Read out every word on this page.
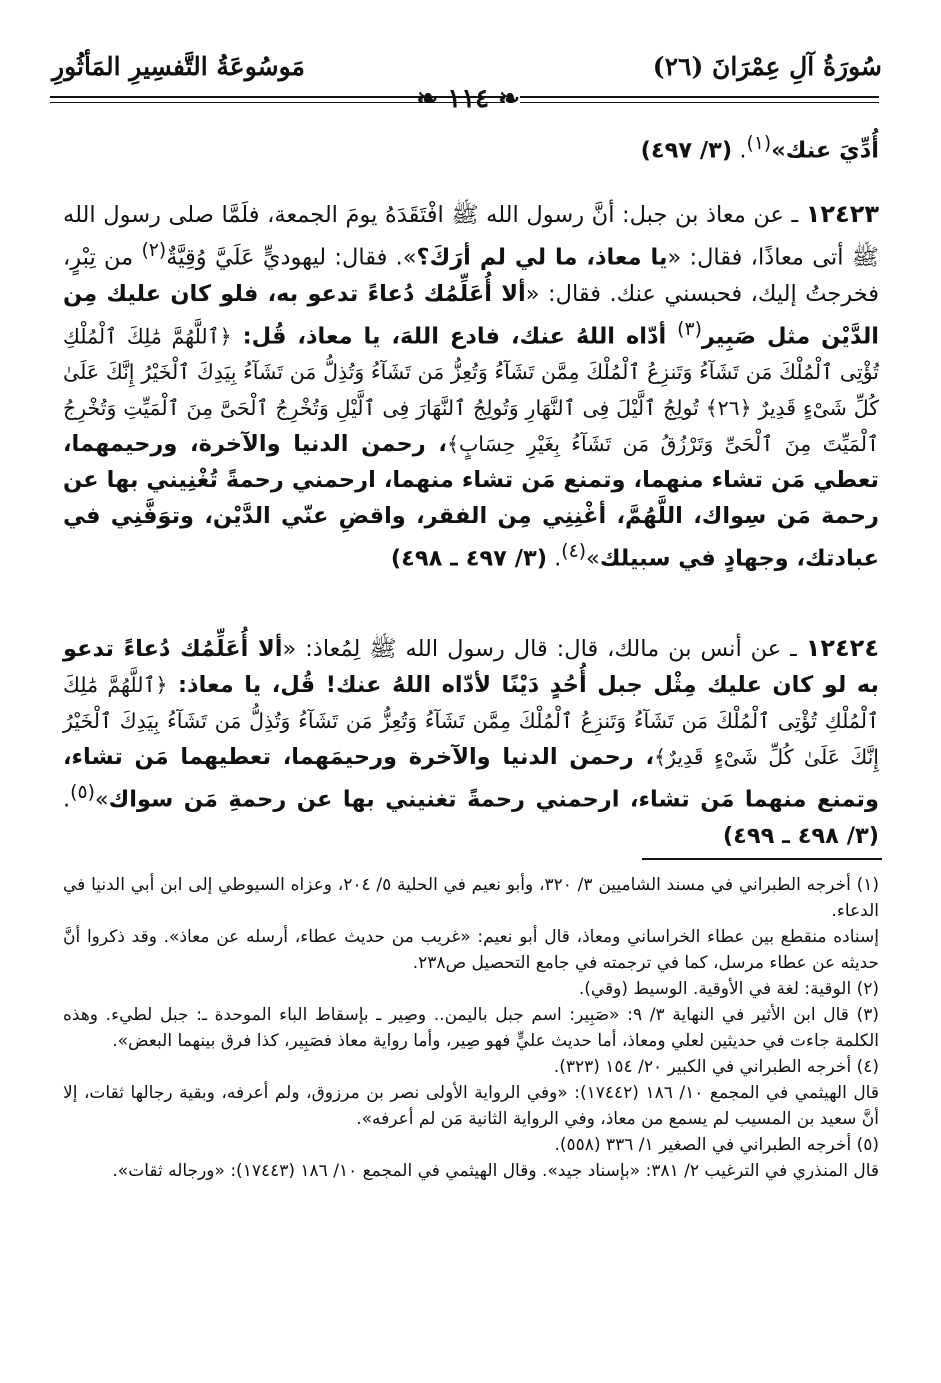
سُورَةُ آلِ عِمْرَانَ (٢٦)
مَوسُوعَةُ التَّفسِيرِ المَأثُورِ
❧ ١١٤ ❧
أُدِّيَ عنك»$^{(١)}$. (٣/ ٤٩٧)
١٢٤٢٣ ـ عن معاذ بن جبل: أنَّ رسول الله ﷺ افْتَقَدَهُ يومَ الجمعة، فلَمَّا صلى رسول الله ﷺ أتى معاذًا، فقال: «يا معاذ، ما لي لم أرَكَ؟». فقال: ليهوديٍّ عَلَيَّ وُقِيَّةٌ$^{(٢)}$ من تِبْرٍ، فخرجتُ إليك، فحبسني عنك. فقال: «ألا أُعَلِّمُك دُعاءً تدعو به، فلو كان عليك مِن الدَّيْن مثل صَبِير$^{(٣)}$ أدّاه اللهُ عنك، فادع اللهَ، يا معاذ، قُل: ﴿ٱللَّهُمَّ مَٰلِكَ ٱلْمُلْكِ تُؤْتِى ٱلْمُلْكَ مَن تَشَآءُ وَتَنزِعُ ٱلْمُلْكَ مِمَّن تَشَآءُ وَتُعِزُّ مَن تَشَآءُ وَتُذِلُّ مَن تَشَآءُ بِيَدِكَ ٱلْخَيْرُ إِنَّكَ عَلَىٰ كُلِّ شَىْءٍ قَدِيرٌ ﴿٢٦﴾ تُولِجُ ٱلَّيْلَ فِى ٱلنَّهَارِ وَتُولِجُ ٱلنَّهَارَ فِى ٱلَّيْلِ وَتُخْرِجُ ٱلْحَىَّ مِنَ ٱلْمَيِّتِ وَتُخْرِجُ ٱلْمَيِّتَ مِنَ ٱلْحَىِّ وَتَرْزُقُ مَن تَشَآءُ بِغَيْرِ حِسَابٍ﴾، رحمن الدنيا والآخرة، ورحيمهما، تعطي مَن تشاء منهما، وتمنع مَن تشاء منهما، ارحمني رحمةً تُغْنِيني بها عن رحمة مَن سِواك، اللَّهُمَّ، أغْنِنِي مِن الفقر، واقضِ عنّي الدَّيْن، وتوَفَّنِي في عبادتك، وجهادٍ في سبيلك»$^{(٤)}$. (٣/ ٤٩٧ ـ ٤٩٨)
١٢٤٢٤ ـ عن أنس بن مالك، قال: قال رسول الله ﷺ لِمُعاذ: «ألا أُعَلِّمُك دُعاءً تدعو به لو كان عليك مِثْل جبل أُحُدٍ دَيْنًا لأدّاه اللهُ عنك! قُل، يا معاذ: ﴿ٱللَّهُمَّ مَٰلِكَ ٱلْمُلْكِ تُؤْتِى ٱلْمُلْكَ مَن تَشَآءُ وَتَنزِعُ ٱلْمُلْكَ مِمَّن تَشَآءُ وَتُعِزُّ مَن تَشَآءُ وَتُذِلُّ مَن تَشَآءُ بِيَدِكَ ٱلْخَيْرُ إِنَّكَ عَلَىٰ كُلِّ شَىْءٍ قَدِيرٌ﴾، رحمن الدنيا والآخرة ورحيمَهما، تعطيهما مَن تشاء، وتمنع منهما مَن تشاء، ارحمني رحمةً تغنيني بها عن رحمةِ مَن سواك»$^{(٥)}$. (٣/ ٤٩٨ ـ ٤٩٩)
(١) أخرجه الطبراني في مسند الشاميين ٣/ ٣٢٠، وأبو نعيم في الحلية ٥/ ٢٠٤، وعزاه السيوطي إلى ابن أبي الدنيا في الدعاء.
إسناده منقطع بين عطاء الخراساني ومعاذ، قال أبو نعيم: «غريب من حديث عطاء، أرسله عن معاذ». وقد ذكروا أنَّ حديثه عن عطاء مرسل، كما في ترجمته في جامع التحصيل ص٢٣٨.
(٢) الوقية: لغة في الأوقية. الوسيط (وقي).
(٣) قال ابن الأثير في النهاية ٣/ ٩: «صَبِير: اسم جبل باليمن.. وصِير ـ بإسقاط الباء الموحدة ـ: جبل لطيء. وهذه الكلمة جاءت في حديثين لعلي ومعاذ، أما حديث عليٍّ فهو صِير، وأما رواية معاذ فصَبِير، كذا فرق بينهما البعض».
(٤) أخرجه الطبراني في الكبير ٢٠/ ١٥٤ (٣٢٣).
قال الهيثمي في المجمع ١٠/ ١٨٦ (١٧٤٤٢): «وفي الرواية الأولى نصر بن مرزوق، ولم أعرفه، وبقية رجالها ثقات، إلا أنَّ سعيد بن المسيب لم يسمع من معاذ، وفي الرواية الثانية مَن لم أعرفه».
(٥) أخرجه الطبراني في الصغير ١/ ٣٣٦ (٥٥٨).
قال المنذري في الترغيب ٢/ ٣٨١: «بإسناد جيد». وقال الهيثمي في المجمع ١٠/ ١٨٦ (١٧٤٤٣): «ورجاله ثقات».
